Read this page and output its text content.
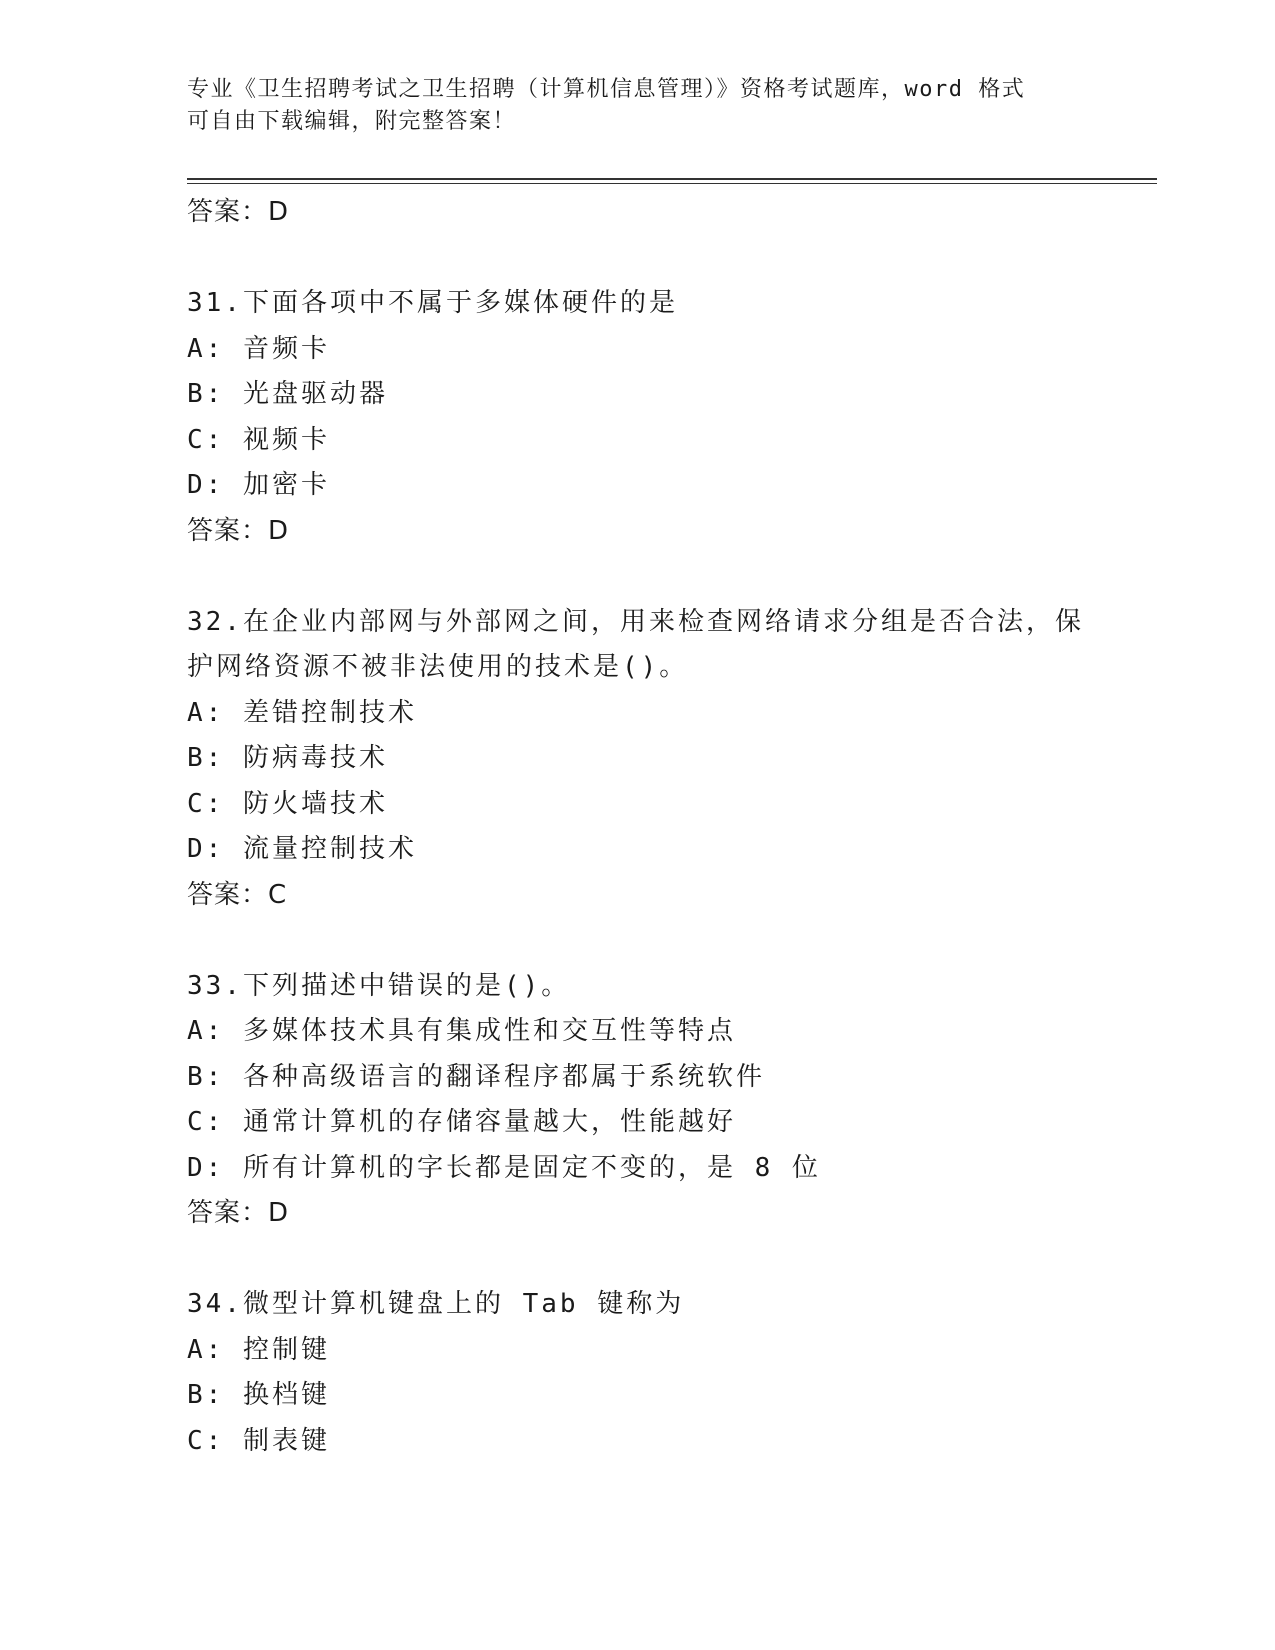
专业《卫生招聘考试之卫生招聘（计算机信息管理）》资格考试题库，word 格式
可自由下载编辑，附完整答案！
答案：D
31.下面各项中不属于多媒体硬件的是
A: 音频卡
B: 光盘驱动器
C: 视频卡
D: 加密卡
答案：D
32.在企业内部网与外部网之间，用来检查网络请求分组是否合法，保
护网络资源不被非法使用的技术是()。
A: 差错控制技术
B: 防病毒技术
C: 防火墙技术
D: 流量控制技术
答案：C
33.下列描述中错误的是()。
A: 多媒体技术具有集成性和交互性等特点
B: 各种高级语言的翻译程序都属于系统软件
C: 通常计算机的存储容量越大，性能越好
D: 所有计算机的字长都是固定不变的，是 8 位
答案：D
34.微型计算机键盘上的 Tab 键称为
A: 控制键
B: 换档键
C: 制表键
